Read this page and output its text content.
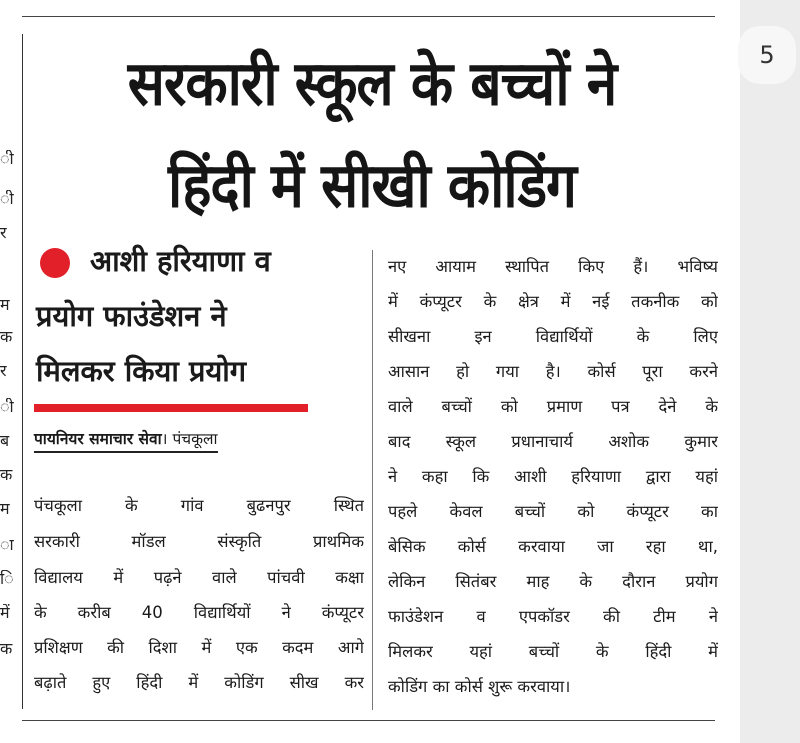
ी
ी
र
म
क
र
ी
ब
क
म
ा
ि
में
क
सरकारी स्कूल के बच्चों ने
हिंदी में सीखी कोडिंग
आशी हरियाणा व
प्रयोग फाउंडेशन ने
मिलकर किया प्रयोग
पायनियर समाचार सेवा। पंचकूला
पंचकूला के गांव बुढनपुर स्थित
सरकारी मॉडल संस्कृति प्राथमिक
विद्यालय में पढ़ने वाले पांचवी कक्षा
के करीब 40 विद्यार्थियों ने कंप्यूटर
प्रशिक्षण की दिशा में एक कदम आगे
बढ़ाते हुए हिंदी में कोडिंग सीख कर
नए आयाम स्थापित किए हैं। भविष्य
में कंप्यूटर के क्षेत्र में नई तकनीक को
सीखना इन विद्यार्थियों के लिए
आसान हो गया है। कोर्स पूरा करने
वाले बच्चों को प्रमाण पत्र देने के
बाद स्कूल प्रधानाचार्य अशोक कुमार
ने कहा कि आशी हरियाणा द्वारा यहां
पहले केवल बच्चों को कंप्यूटर का
बेसिक कोर्स करवाया जा रहा था,
लेकिन सितंबर माह के दौरान प्रयोग
फाउंडेशन व एपकॉडर की टीम ने
मिलकर यहां बच्चों के हिंदी में
कोडिंग का कोर्स शुरू करवाया।
5
